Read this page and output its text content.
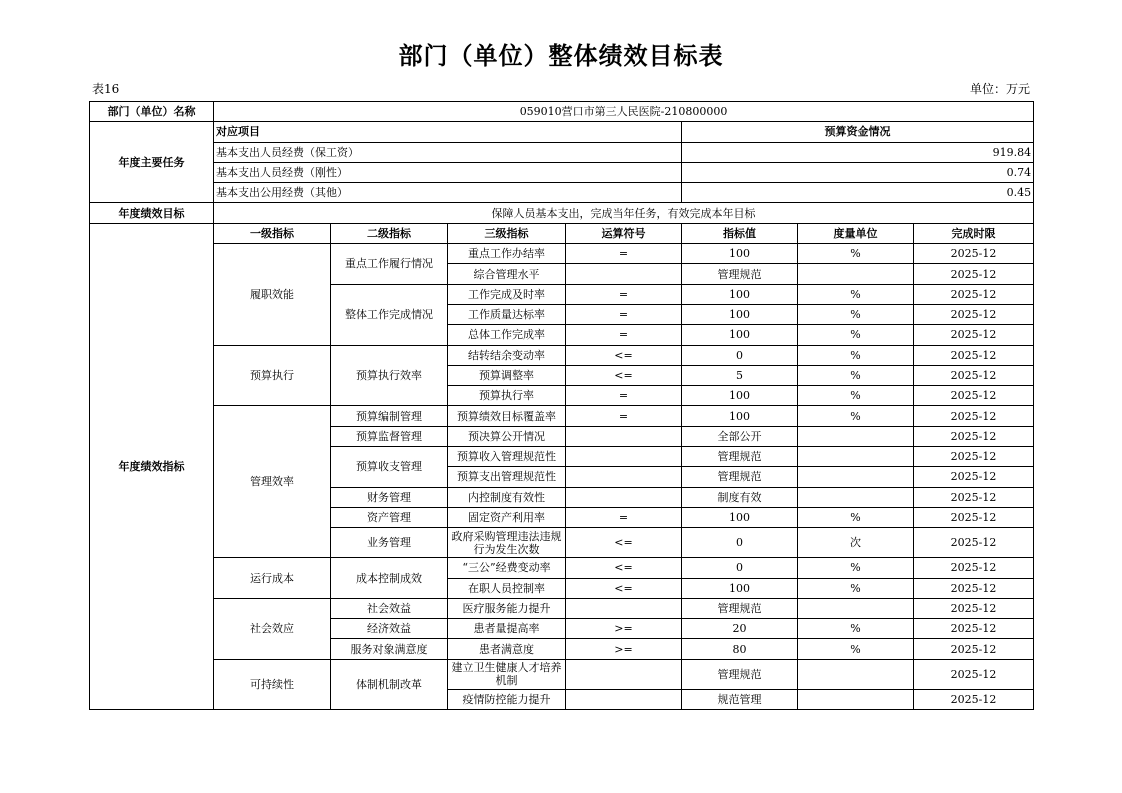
部门（单位）整体绩效目标表
表16	单位：万元
部门（单位）名称	059010营口市第三人民医院-210800000						
年度主要任务	对应项目				预算资金情况		
	基本支出人员经费（保工资）				919.84		
	基本支出人员经费（刚性）				0.74		
	基本支出公用经费（其他）				0.45		
年度绩效目标	保障人员基本支出，完成当年任务，有效完成本年目标						
年度绩效指标	一级指标	二级指标	三级指标	运算符号	指标值	度量单位	完成时限
	履职效能	重点工作履行情况	重点工作办结率	=	100	%	2025-12
			综合管理水平		管理规范		2025-12
		整体工作完成情况	工作完成及时率	=	100	%	2025-12
			工作质量达标率	=	100	%	2025-12
			总体工作完成率	=	100	%	2025-12
	预算执行	预算执行效率	结转结余变动率	<=	0	%	2025-12
			预算调整率	<=	5	%	2025-12
			预算执行率	=	100	%	2025-12
	管理效率	预算编制管理	预算绩效目标覆盖率	=	100	%	2025-12
		预算监督管理	预决算公开情况		全部公开		2025-12
		预算收支管理	预算收入管理规范性		管理规范		2025-12
			预算支出管理规范性		管理规范		2025-12
		财务管理	内控制度有效性		制度有效		2025-12
		资产管理	固定资产利用率	=	100	%	2025-12
		业务管理	政府采购管理违法违规行为发生次数	<=	0	次	2025-12
	运行成本	成本控制成效	“三公”经费变动率	<=	0	%	2025-12
			在职人员控制率	<=	100	%	2025-12
	社会效应	社会效益	医疗服务能力提升		管理规范		2025-12
		经济效益	患者量提高率	>=	20	%	2025-12
		服务对象满意度	患者满意度	>=	80	%	2025-12
	可持续性	体制机制改革	建立卫生健康人才培养机制		管理规范		2025-12
			疫情防控能力提升		规范管理		2025-12
